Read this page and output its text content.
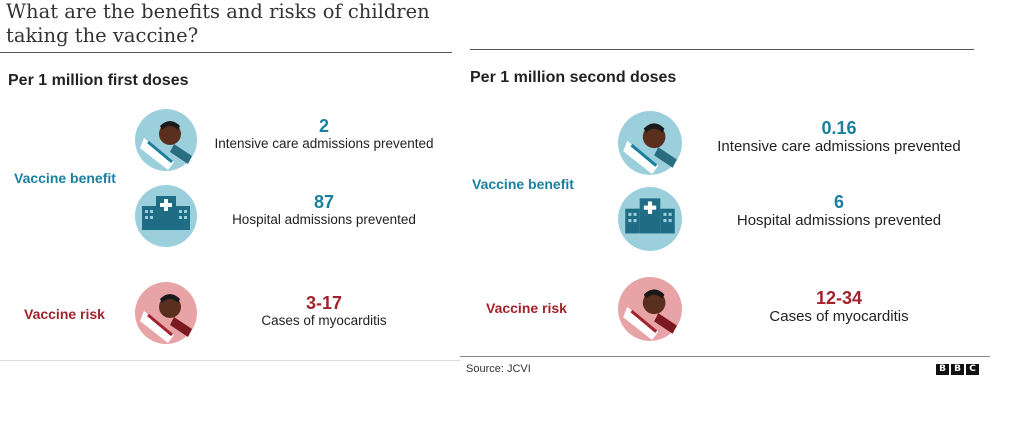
What are the benefits and risks of children taking the vaccine?
Per 1 million first doses
Vaccine benefit
Vaccine risk
2
Intensive care admissions prevented
87
Hospital admissions prevented
3-17
Cases of myocarditis
Per 1 million second doses
Vaccine benefit
Vaccine risk
0.16
Intensive care admissions prevented
6
Hospital admissions prevented
12-34
Cases of myocarditis
Source: JCVI	B B C
